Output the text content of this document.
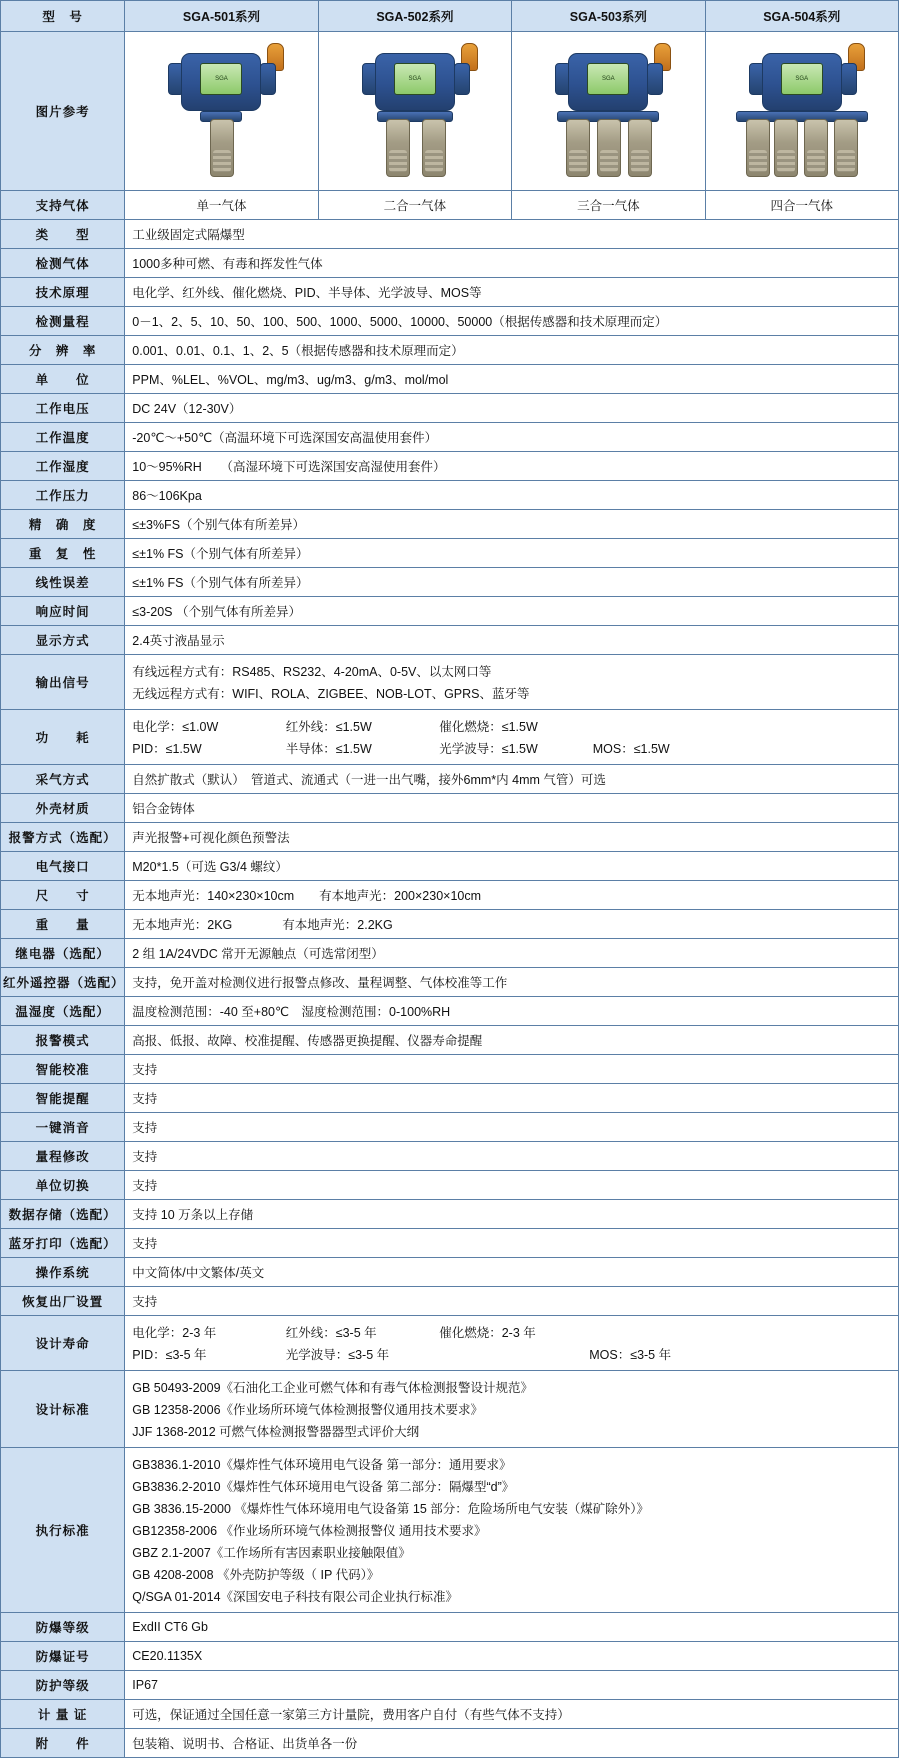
型　号	SGA-501系列	SGA-502系列	SGA-503系列	SGA-504系列
图片参考	SGA	SGA	SGA	SGA

支持气体	单一气体	二合一气体	三合一气体	四合一气体
类　　型	工业级固定式隔爆型			
检测气体	1000多种可燃、有毒和挥发性气体			
技术原理	电化学、红外线、催化燃烧、PID、半导体、光学波导、MOS等			
检测量程	0－1、2、5、10、50、100、500、1000、5000、10000、50000（根据传感器和技术原理而定）			
分　辨　率	0.001、0.01、0.1、1、2、5（根据传感器和技术原理而定）			
单　　位	PPM、%LEL、%VOL、mg/m3、ug/m3、g/m3、mol/mol			
工作电压	DC 24V（12-30V）			
工作温度	-20℃～+50℃（高温环境下可选深国安高温使用套件）			
工作湿度	10～95%RH　　（高湿环境下可选深国安高湿使用套件）			
工作压力	86～106Kpa			
精　确　度	≤±3%FS（个别气体有所差异）			
重　复　性	≤±1% FS（个别气体有所差异）			
线性误差	≤±1% FS（个别气体有所差异）			
响应时间	≤3-20S （个别气体有所差异）			
显示方式	2.4英寸液晶显示			
输出信号	有线远程方式有：RS485、RS232、4-20mA、0-5V、以太网口等
无线远程方式有：WIFI、ROLA、ZIGBEE、NOB-LOT、GPRS、蓝牙等			

功　　耗	电化学：≤1.0W 红外线：≤1.5W 催化燃烧：≤1.5W
PID：≤1.5W 半导体：≤1.5W 光学波导：≤1.5W MOS：≤1.5W			

采气方式	自然扩散式（默认）　管道式、流通式（一进一出气嘴，接外6mm*内 4mm 气管）可选			
外壳材质	铝合金铸体			
报警方式（选配）	声光报警+可视化颜色预警法			
电气接口	M20*1.5（可选 G3/4 螺纹）			
尺　　寸	无本地声光：140×230×10cm　　有本地声光：200×230×10cm			
重　　量	无本地声光：2KG　　　　有本地声光：2.2KG			
继电器（选配）	2 组 1A/24VDC 常开无源触点（可选常闭型）			
红外遥控器（选配）	支持，免开盖对检测仪进行报警点修改、量程调整、气体校准等工作			
温湿度（选配）	温度检测范围：-40 至+80℃　湿度检测范围：0-100%RH			
报警模式	高报、低报、故障、校准提醒、传感器更换提醒、仪器寿命提醒			
智能校准	支持			
智能提醒	支持			
一键消音	支持			
量程修改	支持			
单位切换	支持			
数据存储（选配）	支持 10 万条以上存储			
蓝牙打印（选配）	支持			
操作系统	中文简体/中文繁体/英文			
恢复出厂设置	支持			
设计寿命	电化学：2-3 年 红外线：≤3-5 年 催化燃烧：2-3 年
PID：≤3-5 年 光学波导：≤3-5 年 MOS：≤3-5 年			

设计标准	GB 50493-2009《石油化工企业可燃气体和有毒气体检测报警设计规范》
GB 12358-2006《作业场所环境气体检测报警仪通用技术要求》
JJF 1368-2012 可燃气体检测报警器器型式评价大纲			

执行标准	
GB3836.1-2010《爆炸性气体环境用电气设备 第一部分：通用要求》
GB3836.2-2010《爆炸性气体环境用电气设备 第二部分：隔爆型“d”》
GB 3836.15-2000 《爆炸性气体环境用电气设备第 15 部分：危险场所电气安装（煤矿除外）》
GB12358-2006 《作业场所环境气体检测报警仪 通用技术要求》
GBZ 2.1-2007《工作场所有害因素职业接触限值》
GB 4208-2008 《外壳防护等级（ IP 代码）》
Q/SGA 01-2014《深国安电子科技有限公司企业执行标准》

防爆等级	ExdII CT6 Gb			
防爆证号	CE20.1135X			
防护等级	IP67			
计 量 证	可选，保证通过全国任意一家第三方计量院，费用客户自付（有些气体不支持）			
附　　件	包装箱、说明书、合格证、出货单各一份			
